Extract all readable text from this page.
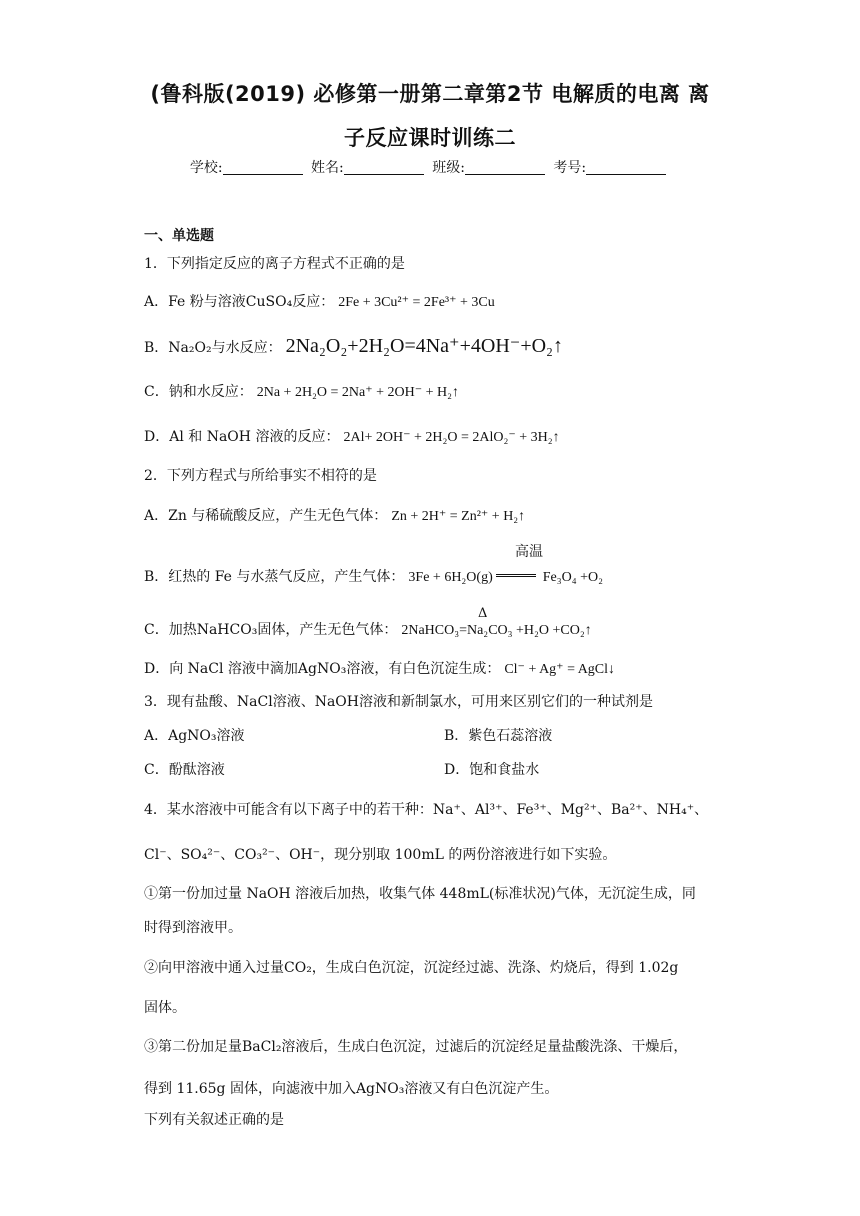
(鲁科版(2019) 必修第一册第二章第2节 电解质的电离 离
子反应课时训练二
学校:	姓名:	班级:	考号:
一、单选题
1．下列指定反应的离子方程式不正确的是
A．Fe 粉与溶液CuSO₄反应： 2Fe + 3Cu²⁺ = 2Fe³⁺ + 3Cu
B．Na₂O₂与水反应： 2Na₂O₂+2H₂O=4Na⁺+4OH⁻+O₂↑
C．钠和水反应： 2Na + 2H₂O = 2Na⁺ + 2OH⁻ + H₂↑
D．Al 和 NaOH 溶液的反应： 2Al+ 2OH⁻ + 2H₂O = 2AlO₂⁻ + 3H₂↑
2．下列方程式与所给事实不相符的是
A．Zn 与稀硫酸反应，产生无色气体： Zn + 2H⁺ = Zn²⁺ + H₂↑
高温
B．红热的 Fe 与水蒸气反应，产生气体： 3Fe + 6H₂O(g)	Fe₃O₄ +O₂
Δ
C．加热NaHCO₃固体，产生无色气体： 2NaHCO₃=Na₂CO₃ +H₂O +CO₂↑
D．向 NaCl 溶液中滴加AgNO₃溶液，有白色沉淀生成： Cl⁻ + Ag⁺ = AgCl↓
3．现有盐酸、NaCl溶液、NaOH溶液和新制氯水，可用来区别它们的一种试剂是
A．AgNO₃溶液	B．紫色石蕊溶液
C．酚酞溶液	D．饱和食盐水
4．某水溶液中可能含有以下离子中的若干种：Na⁺、Al³⁺、Fe³⁺、Mg²⁺、Ba²⁺、NH₄⁺、
Cl⁻、SO₄²⁻、CO₃²⁻、OH⁻，现分别取 100mL 的两份溶液进行如下实验。
①第一份加过量 NaOH 溶液后加热，收集气体 448mL(标准状况)气体，无沉淀生成，同
时得到溶液甲。
②向甲溶液中通入过量CO₂，生成白色沉淀，沉淀经过滤、洗涤、灼烧后，得到 1.02g
固体。
③第二份加足量BaCl₂溶液后，生成白色沉淀，过滤后的沉淀经足量盐酸洗涤、干燥后，
得到 11.65g 固体，向滤液中加入AgNO₃溶液又有白色沉淀产生。
下列有关叙述正确的是
